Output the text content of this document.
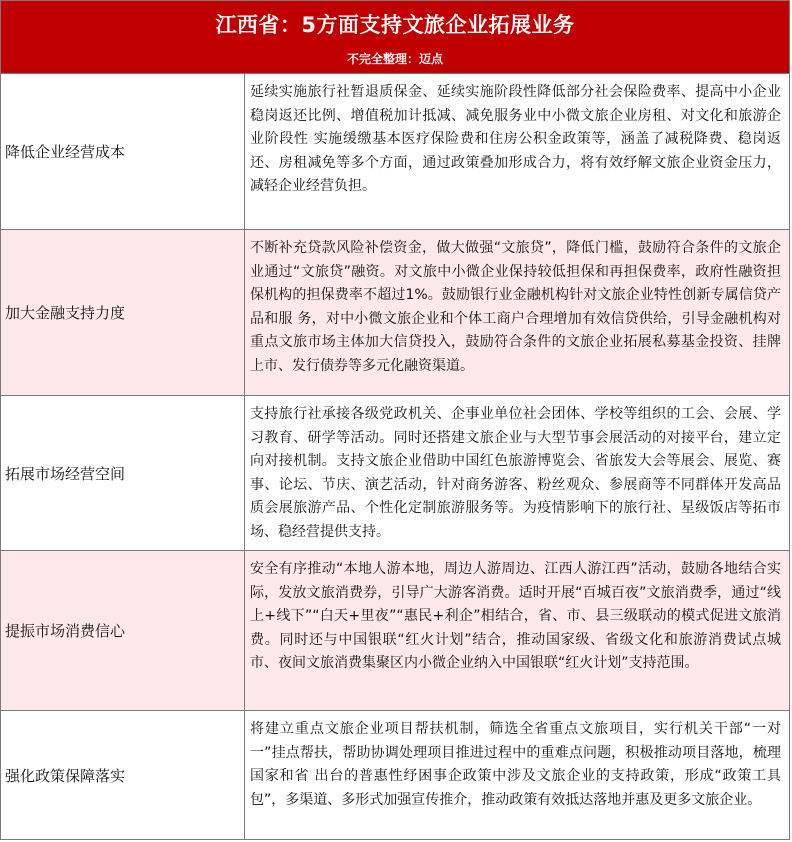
江西省：5方面支持文旅企业拓展业务
不完全整理：迈点
降低企业经营成本
延续实施旅行社暂退质保金、延续实施阶段性降低部分社会保险费率、提高中小企业稳岗返还比例、增值税加计抵减、减免服务业中小微文旅企业房租、对文化和旅游企业阶段性 实施缓缴基本医疗保险费和住房公积金政策等，涵盖了减税降费、稳岗返还、房租减免等多个方面，通过政策叠加形成合力，将有效纾解文旅企业资金压力，减轻企业经营负担。
加大金融支持力度
不断补充贷款风险补偿资金，做大做强“文旅贷”，降低门槛，鼓励符合条件的文旅企业通过“文旅贷”融资。对文旅中小微企业保持较低担保和再担保费率，政府性融资担保机构的担保费率不超过1%。鼓励银行业金融机构针对文旅企业特性创新专属信贷产品和服 务，对中小微文旅企业和个体工商户合理增加有效信贷供给，引导金融机构对重点文旅市场主体加大信贷投入，鼓励符合条件的文旅企业拓展私募基金投资、挂牌上市、发行债券等多元化融资渠道。
拓展市场经营空间
支持旅行社承接各级党政机关、企事业单位社会团体、学校等组织的工会、会展、学习教育、研学等活动。同时还搭建文旅企业与大型节事会展活动的对接平台，建立定向对接机制。支持文旅企业借助中国红色旅游博览会、省旅发大会等展会、展览、赛事、论坛、节庆、演艺活动，针对商务游客、粉丝观众、参展商等不同群体开发高品质会展旅游产品、个性化定制旅游服务等。为疫情影响下的旅行社、星级饭店等拓市场、稳经营提供支持。
提振市场消费信心
安全有序推动“本地人游本地，周边人游周边、江西人游江西”活动，鼓励各地结合实际，发放文旅消费券，引导广大游客消费。适时开展“百城百夜”文旅消费季，通过“线上+线下”“白天+里夜”“惠民+利企”相结合，省、市、县三级联动的模式促进文旅消费。同时还与中国银联“红火计划”结合，推动国家级、省级文化和旅游消费试点城市、夜间文旅消费集聚区内小微企业纳入中国银联“红火计划”支持范围。
强化政策保障落实
将建立重点文旅企业项目帮扶机制，筛选全省重点文旅项目，实行机关干部“一对一”挂点帮扶，帮助协调处理项目推进过程中的重难点问题，积极推动项目落地，梳理国家和省 出台的普惠性纾困事企政策中涉及文旅企业的支持政策，形成“政策工具包”，多渠道、多形式加强宣传推介，推动政策有效抵达落地并惠及更多文旅企业。
